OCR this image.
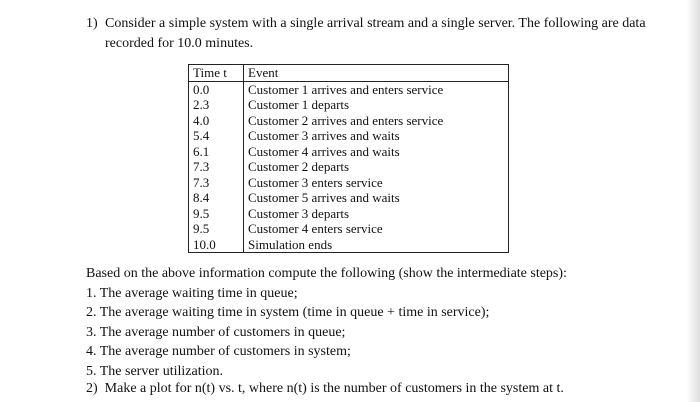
1) Consider a simple system with a single arrival stream and a single server. The following are data recorded for 10.0 minutes.
Time t	Event
0.0	Customer 1 arrives and enters service
2.3	Customer 1 departs
4.0	Customer 2 arrives and enters service
5.4	Customer 3 arrives and waits
6.1	Customer 4 arrives and waits
7.3	Customer 2 departs
7.3	Customer 3 enters service
8.4	Customer 5 arrives and waits
9.5	Customer 3 departs
9.5	Customer 4 enters service
10.0	Simulation ends
Based on the above information compute the following (show the intermediate steps):
1. The average waiting time in queue;
2. The average waiting time in system (time in queue + time in service);
3. The average number of customers in queue;
4. The average number of customers in system;
5. The server utilization.
2) Make a plot for n(t) vs. t, where n(t) is the number of customers in the system at t.
